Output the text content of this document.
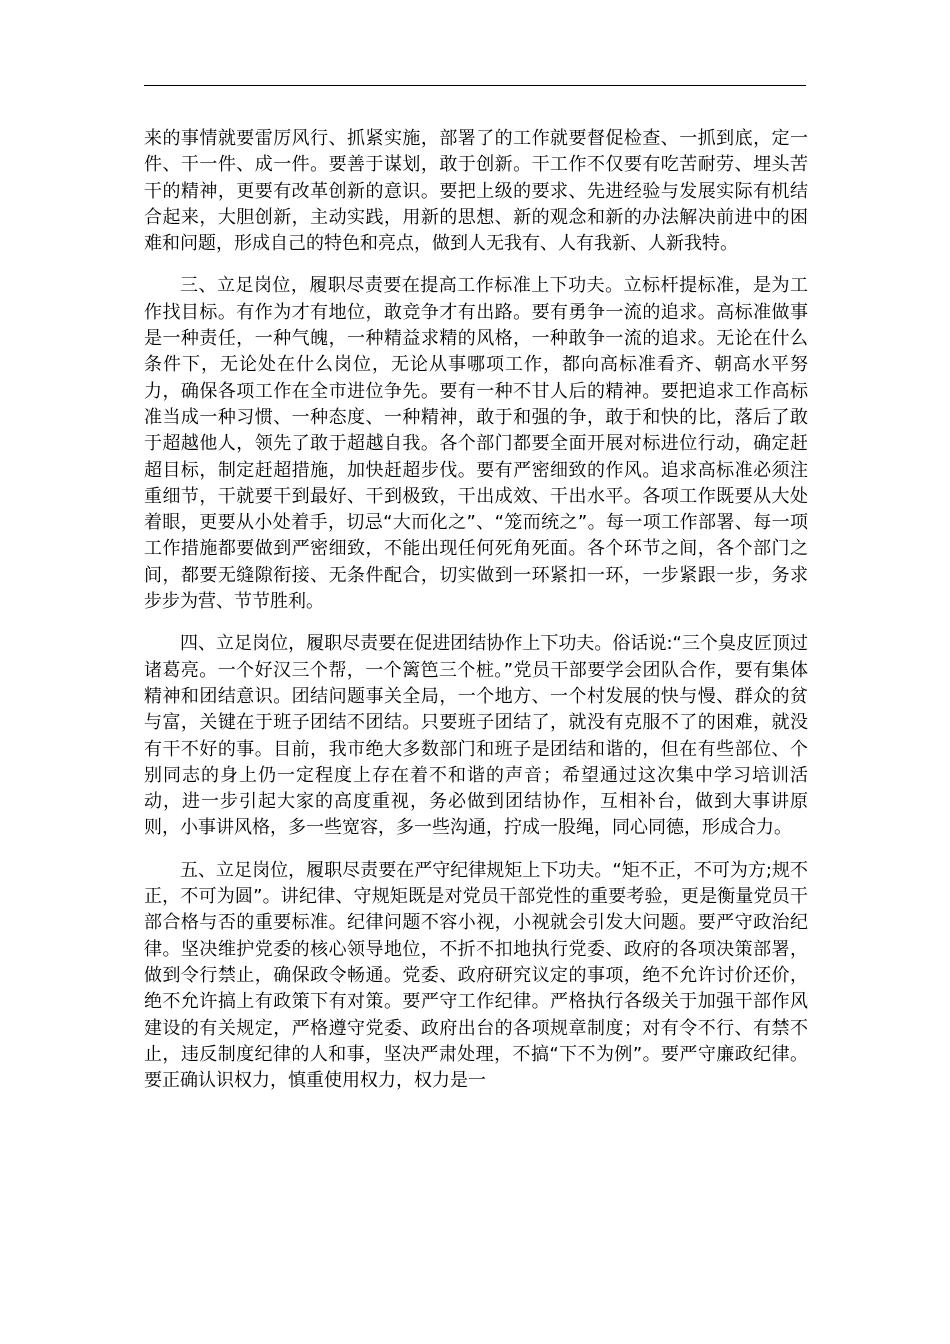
来的事情就要雷厉风行、抓紧实施，部署了的工作就要督促检查、一抓到底，定一件、干一件、成一件。要善于谋划，敢于创新。干工作不仅要有吃苦耐劳、埋头苦干的精神，更要有改革创新的意识。要把上级的要求、先进经验与发展实际有机结合起来，大胆创新，主动实践，用新的思想、新的观念和新的办法解决前进中的困难和问题，形成自己的特色和亮点，做到人无我有、人有我新、人新我特。

三、立足岗位，履职尽责要在提高工作标准上下功夫。立标杆提标准，是为工作找目标。有作为才有地位，敢竞争才有出路。要有勇争一流的追求。高标准做事是一种责任，一种气魄，一种精益求精的风格，一种敢争一流的追求。无论在什么条件下，无论处在什么岗位，无论从事哪项工作，都向高标准看齐、朝高水平努力，确保各项工作在全市进位争先。要有一种不甘人后的精神。要把追求工作高标准当成一种习惯、一种态度、一种精神，敢于和强的争，敢于和快的比，落后了敢于超越他人，领先了敢于超越自我。各个部门都要全面开展对标进位行动，确定赶超目标，制定赶超措施，加快赶超步伐。要有严密细致的作风。追求高标准必须注重细节，干就要干到最好、干到极致，干出成效、干出水平。各项工作既要从大处着眼，更要从小处着手，切忌“大而化之”、“笼而统之”。每一项工作部署、每一项工作措施都要做到严密细致，不能出现任何死角死面。各个环节之间，各个部门之间，都要无缝隙衔接、无条件配合，切实做到一环紧扣一环，一步紧跟一步，务求步步为营、节节胜利。

四、立足岗位，履职尽责要在促进团结协作上下功夫。俗话说:“三个臭皮匠顶过诸葛亮。一个好汉三个帮，一个篱笆三个桩。”党员干部要学会团队合作，要有集体精神和团结意识。团结问题事关全局，一个地方、一个村发展的快与慢、群众的贫与富，关键在于班子团结不团结。只要班子团结了，就没有克服不了的困难，就没有干不好的事。目前，我市绝大多数部门和班子是团结和谐的，但在有些部位、个别同志的身上仍一定程度上存在着不和谐的声音；希望通过这次集中学习培训活动，进一步引起大家的高度重视，务必做到团结协作，互相补台，做到大事讲原则，小事讲风格，多一些宽容，多一些沟通，拧成一股绳，同心同德，形成合力。

五、立足岗位，履职尽责要在严守纪律规矩上下功夫。“矩不正，不可为方;规不正，不可为圆”。讲纪律、守规矩既是对党员干部党性的重要考验，更是衡量党员干部合格与否的重要标准。纪律问题不容小视，小视就会引发大问题。要严守政治纪律。坚决维护党委的核心领导地位，不折不扣地执行党委、政府的各项决策部署，做到令行禁止，确保政令畅通。党委、政府研究议定的事项，绝不允许讨价还价，绝不允许搞上有政策下有对策。要严守工作纪律。严格执行各级关于加强干部作风建设的有关规定，严格遵守党委、政府出台的各项规章制度；对有令不行、有禁不止，违反制度纪律的人和事，坚决严肃处理，不搞“下不为例”。要严守廉政纪律。要正确认识权力，慎重使用权力，权力是一
